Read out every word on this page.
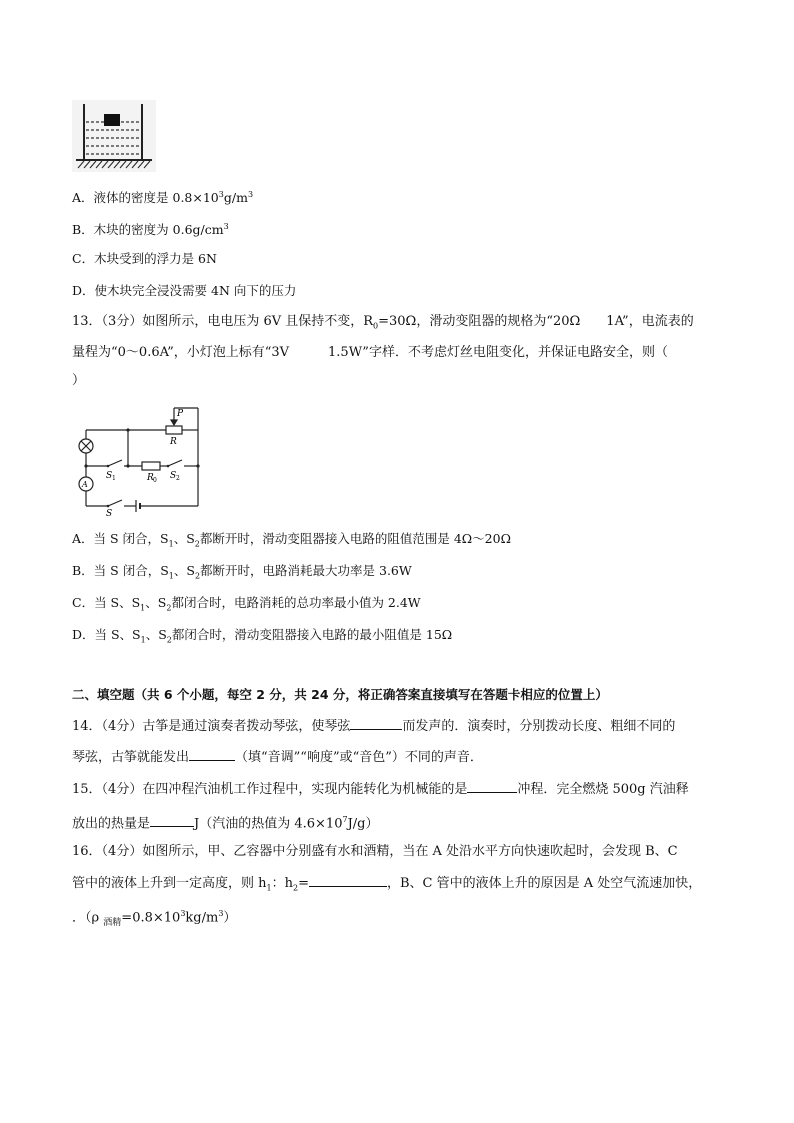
A．液体的密度是 $0.8\times 10^3g/m^3$
B．木块的密度为 $0.6g/cm^3$
C．木块受到的浮力是 6N
D．使木块完全浸没需要 4N 向下的压力
13．（3分）如图所示，电电压为 6V 且保持不变，$R_0=30\Omega$，滑动变阻器的规格为“20Ω　　1A”，电流表的
量程为“0～0.6A”，小灯泡上标有“3V　　　1.5W”字样．不考虑灯丝电阻变化，并保证电路安全，则（
）
P
R
R 0
S 1	S 2
S
A
A．当 S 闭合，$S_1$、$S_2$都断开时，滑动变阻器接入电路的阻值范围是 4Ω～20Ω
B．当 S 闭合，$S_1$、$S_2$都断开时，电路消耗最大功率是 3.6W
C．当 S、$S_1$、$S_2$都闭合时，电路消耗的总功率最小值为 2.4W
D．当 S、$S_1$、$S_2$都闭合时，滑动变阻器接入电路的最小阻值是 15Ω
二、填空题（共 6 个小题，每空 2 分，共 24 分，将正确答案直接填写在答题卡相应的位置上）
14．（4分）古筝是通过演奏者拨动琴弦，使琴弦	而发声的．演奏时，分别拨动长度、粗细不同的
琴弦，古筝就能发出	（填“音调”“响度”或“音色”）不同的声音．
15．（4分）在四冲程汽油机工作过程中，实现内能转化为机械能的是	冲程．完全燃烧 500g 汽油释
放出的热量是	J（汽油的热值为 $4.6\times 10^7J/g$）
16．（4分）如图所示，甲、乙容器中分别盛有水和酒精，当在 A 处沿水平方向快速吹起时，会发现 B、C
管中的液体上升到一定高度，则 $h_1$：$h_2=$	，B、C 管中的液体上升的原因是 A 处空气流速加快，
．（ρ $_{酒精}=0.8\times 10^3kg/m^3$）
